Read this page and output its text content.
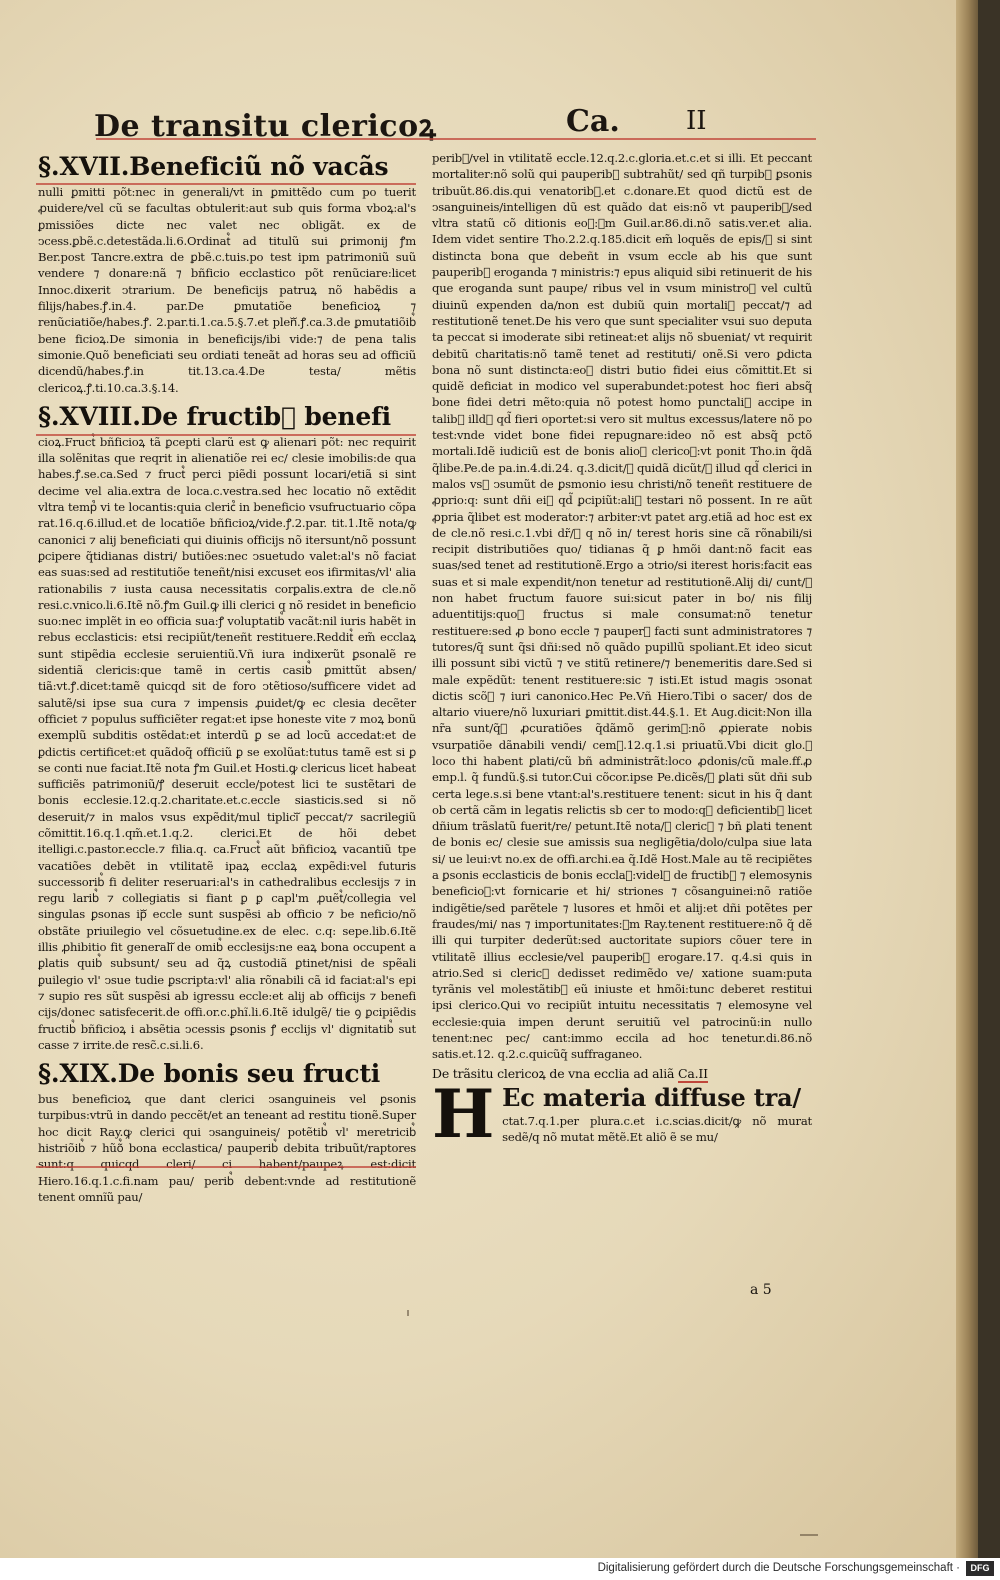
De transitu clericoꝝ	Ca.	II
§.XVII.Beneficiũ nõ vacãs

nulli ꝑmitti põt:nec in generali/vt in ꝑmittẽdo cum po tuerit ꝓuidere/vel cũ se facultas obtulerit:aut sub quis forma vboꝝ:al's ꝑmissiões dicte nec valet nec obligãt. ex de ↄcess.ꝑbẽ.c.detestãda.li.6.Ordinat᷒ ad titulũ sui ꝑrimonij ꝭm Ber.post Tancre.extra de ꝑbẽ.c.tuis.po test ipm patrimoniũ suũ vendere ⁊ donare:nã ⁊ bñficio ecclastico põt renũciare:licet Innoc.dixerit ↄtrarium. De beneficijs patruꝝ nõ habẽdis a filijs/habes.ꝭ.in.4. par.De ꝑmutatiõe beneficioꝝ ⁊ renũciatiõe/habes.ꝭ. 2.par.ti.1.ca.5.§.7.et plenᷓ.ꝭ.ca.3.de ꝑmutatiõib᷒ bene ficioꝝ.De simonia in beneficijs/ibi vide:⁊ de pena talis simonie.Quõ beneficiati seu ordiati teneãt ad horas seu ad officiũ dicendũ/habes.ꝭ.in tit.13.ca.4.De testa/ mẽtis clericoꝝ.ꝭ.ti.10.ca.3.§.14.

§.XVIII.De fructib᷒ benefi

cioꝝ.Fruct᷒ bñficioꝝ tã ꝑcepti clarũ est ꝙ alienari põt: nec requirit illa solẽnitas que reqrit in alienatiõe rei ec/ clesie imobilis:de qua habes.ꝭ.se.ca.Sed ⁊ fruct᷒ perci piẽdi possunt locari/etiã si sint decime vel alia.extra de loca.c.vestra.sed hec locatio nõ extẽdit vltra temp᷒ vi te locantis:quia cleric᷒ in beneficio vsufructuario cõpa rat.16.q.6.illud.et de locatiõe bñficioꝝ/vide.ꝭ.2.par. tit.1.Itẽ nota/ꝙ canonici ⁊ alij beneficiati qui diuinis officijs nõ itersunt/nõ possunt ꝑcipere q̃tidianas distri/ butiões:nec ↄsuetudo valet:al's nõ faciat eas suas:sed ad restitutiõe teneñt/nisi excuset eos ifirmitas/vl' alia rationabilis ⁊ iusta causa necessitatis corꝑalis.extra de cle.nõ resi.c.vnico.li.6.Itẽ nõ.ꝭm Guil.ꝙ illi clerici q nõ residet in beneficio suo:nec implẽt in eo officia sua:ꝭ voluptatib᷒ vacãt:nil iuris habẽt in rebus ecclasticis: etsi recipiũt/teneñt restituere.Reddit᷒ em̃ ecclaꝝ sunt stipẽdia ecclesie seruientiũ.Vñ iura indixerũt ꝑsonalẽ re sidentiã clericis:que tamẽ in certis casib᷒ ꝑmittũt absen/ tiã:vt.ꝭ.dicet:tamẽ quicqd sit de foro ↄtẽtioso/sufficere videt ad salutẽ/si ipse sua cura ⁊ impensis ꝓuidet/ꝙ ec clesia decẽter officiet ⁊ populus sufficiẽter regat:et ipse honeste vite ⁊ moꝝ bonũ exemplũ subditis ostẽdat:et interdũ ꝑ se ad locũ accedat:et de ꝑdictis certificet:et quãdoq̃ officiũ ꝑ se exolũat:tutus tamẽ est si ꝑ se conti nue faciat.Itẽ nota ꝭm Guil.et Hosti.ꝙ clericus licet habeat sufficiẽs patrimoniũ/ꝭ deseruit eccle/potest lici te sustẽtari de bonis ecclesie.12.q.2.charitate.et.c.eccle siasticis.sed si nõ deseruit/⁊ in malos vsus expẽdit/mul tipliciᷓ peccat/⁊ sacrilegiũ cõmittit.16.q.1.qm̃.et.1.q.2. clerici.Et de hõi debet itelligi.c.pastor.eccle.⁊ filia.q. ca.Fruct᷒ aũt bñficioꝝ vacantiũ tpe vacatiões debẽt in vtilitatẽ ipaꝝ ecclaꝝ expẽdi:vel futuris successorib᷒ fi deliter reseruari:al's in cathedralibus ecclesijs ⁊ in regu larib᷒ ⁊ collegiatis si fiant ꝑ ꝑ capl'm ꝓuẽt᷒/collegia vel singulas ꝑsonas ipᷓ eccle sunt suspẽsi ab officio ⁊ be neficio/nõ obstãte priuilegio vel cõsuetudine.ex de elec. c.q: sepe.lib.6.Itẽ illis ꝓhibitio fit generaliᷓ de omib᷒ ecclesijs:ne eaꝝ bona occupent a ꝑlatis quib᷒ subsunt/ seu ad q̃ꝝ custodiã ꝑtinet/nisi de spẽali ꝑuilegio vl' ↄsue tudie ꝑscripta:vl' alia rõnabili cã id faciat:al's epi ⁊ supio res sũt suspẽsi ab igressu eccle:et alij ab officijs ⁊ benefi cijs/donec satisfecerit.de offi.or.c.ꝑhĩ.li.6.Itẽ idulgẽ/ tie ꝯ ꝑcipiẽdis fructib᷒ bñficioꝝ i absẽtia ↄcessis ꝑsonis ꝭ ecclijs vl' dignitatib᷒ sut casse ⁊ irrite.de resc̃.c.si.li.6.

§.XIX.De bonis seu fructi

bus beneficioꝝ que dant clerici ↄsanguineis vel ꝑsonis turpibus:vtrũ in dando peccẽt/et an teneant ad restitu tionẽ.Super hoc dicit Ray.ꝙ clerici qui ↄsanguineis/ potẽtib᷒ vl' meretricib᷒ histriõib᷒ ⁊ hũõ᷒ bona ecclastica/ pauperib᷒ debita tribuũt/raptores sunt:q quicqd cleri/ ci habent/paupeꝝ est:dicit Hiero.16.q.1.c.fi.nam pau/ perib᷒ debent:vnde ad restitutionẽ tenent omnĩũ pau/

perib᷒/vel in vtilitatẽ eccle.12.q.2.c.gloria.et.c.et si illi. Et peccant mortaliter:nõ solũ qui pauperib᷒ subtrahũt/ sed qñ turpib᷒ ꝑsonis tribuũt.86.dis.qui venatorib᷒.et c.donare.Et quod dictũ est de ↄsanguineis/intelligen dũ est quãdo dat eis:nõ vt pauperib᷒/sed vltra statũ cõ ditionis eoꝝ:ꝭm Guil.ar.86.di.nõ satis.ver.et alia. Idem videt sentire Tho.2.2.q.185.dicit em̃ loquẽs de epis/ꝙ si sint distincta bona que debeñt in vsum eccle ab his que sunt pauperib᷒ eroganda ⁊ ministris:⁊ epus aliquid sibi retinuerit de his que eroganda sunt paupe/ ribus vel in vsum ministroꝝ vel cultũ diuinũ expenden da/non est dubiũ quin mortaliᷓ peccat/⁊ ad restitutionẽ tenet.De his vero que sunt specialiter vsui suo deputa ta peccat si imoderate sibi retineat:et alijs nõ sbueniat/ vt requirit debitũ charitatis:nõ tamẽ tenet ad restituti/ onẽ.Si vero ꝑdicta bona nõ sunt distincta:eoꝝ distri butio fidei eius cõmittit.Et si quidẽ deficiat in modico vel superabundet:potest hoc fieri absq̃ bone fidei detri mẽto:quia nõ potest homo punctaliᷓ accipe in talib᷒ illd᷒ qd̃ fieri oportet:si vero sit multus excessus/latere nõ po test:vnde videt bone fidei repugnare:ideo nõ est absq̃ pctõ mortali.Idẽ iudiciũ est de bonis alioꝝ clericoꝝ:vt ponit Tho.in q̃dã q̃libe.Pe.de pa.in.4.di.24. q.3.dicit/ꝙ quidã dicũt/ꝙ illud qd̃ clerici in malos vs᷒ ↄsumũt de ꝑsmonio iesu christi/nõ teneñt restituere de ꝓprio:q: sunt dñi ei᷒ qd̃ ꝑcipiũt:aliᷓ testari nõ possent. In re aũt ꝓpria q̃libet est moderator:⁊ arbiter:vt patet arg.etiã ad hoc est ex de cle.nõ resi.c.1.vbi dr̃/ꝙ q nõ in/ terest horis sine cã rõnabili/si recipit distributiões quo/ tidianas q̃ ꝑ hmõi dant:nõ facit eas suas/sed tenet ad restitutionẽ.Ergo a ↄtrio/si iterest horis:facit eas suas et si male expendit/non tenetur ad restitutionẽ.Alij di/ cunt/ꝙ non habet fructum fauore sui:sicut pater in bo/ nis filij aduentitijs:quoꝝ fructus si male consumat:nõ tenetur restituere:sed ꝓ bono eccle ⁊ pauperꝝ facti sunt administratores ⁊ tutores/q̃ sunt q̃si dñi:sed nõ quãdo pupillũ spoliant.Et ideo sicut illi possunt sibi victũ ⁊ ve stitũ retinere/⁊ benemeritis dare.Sed si male expẽdũt: tenent restituere:sic ⁊ isti.Et istud magis ↄsonat dictis scõꝝ ⁊ iuri canonico.Hec Pe.Vñ Hiero.Tibi o sacer/ dos de altario viuere/nõ luxuriari ꝑmittit.dist.44.§.1. Et Aug.dicit:Non illa nr̃a sunt/q̃ꝝ ꝓcuratiões q̃dãmõ gerim᷒:nõ ꝓpierate nobis vsurpatiõe dãnabili vendi/ cem᷒.12.q.1.si priuatũ.Vbi dicit glo.ꝙ loco thi habent ꝑlati/cũ bñ administrãt:loco ꝓdonis/cũ male.ff.ꝓ emp.l. q̃ fundũ.§.si tutor.Cui cõcor.ipse Pe.dicẽs/ꝙ ꝑlati sũt dñi sub certa lege.s.si bene vtant:al's.restituere tenent: sicut in his q̃ dant ob certã cãm in legatis relictis sb cer to modo:q᷒ deficientib᷒ licet dñium trãslatũ fuerit/re/ petunt.Itẽ nota/ꝙ cleric᷒ ⁊ bñ ꝑlati tenent de bonis ec/ clesie sue amissis sua negligẽtia/dolo/culpa siue lata si/ ue leui:vt no.ex de offi.archi.ea q̃.Idẽ Host.Male au tẽ recipiẽtes a ꝑsonis ecclasticis de bonis ecclaꝝ:videlꝫ de fructib᷒ ⁊ elemosynis beneficioꝝ:vt fornicarie et hi/ striones ⁊ cõsanguinei:nõ ratiõe indigẽtie/sed parẽtele ⁊ lusores et hmõi et alij:et dñi potẽtes per fraudes/mi/ nas ⁊ importunitates:ꝭm Ray.tenent restituere:nõ q̃ dẽ illi qui turpiter dederũt:sed auctoritate supiors cõuer tere in vtilitatẽ illius ecclesie/vel pauperib᷒ erogare.17. q.4.si quis in atrio.Sed si cleric᷒ dedisset redimẽdo ve/ xatione suam:puta tyrãnis vel molestãtib᷒ eũ iniuste et hmõi:tunc deberet restitui ipsi clerico.Qui vo recipiũt intuitu necessitatis ⁊ elemosyne vel ecclesie:quia impen derunt seruitiũ vel patrocinũ:in nullo tenent:nec pec/ cant:immo eccila ad hoc tenetur.di.86.nõ satis.et.12. q.2.c.quicũq̃ suffraganeo.

De trãsitu clericoꝝ de vna ecclia ad aliã Ca.II
H Ec materia diffuse tra/

ctat.7.q.1.per plura.c.et i.c.scias.dicit/ꝙ nõ murat sedẽ/q nõ mutat mẽtẽ.Et aliõ ẽ se mu/

a 5
Digitalisierung gefördert durch die Deutsche Forschungsgemeinschaft ·	DFG
